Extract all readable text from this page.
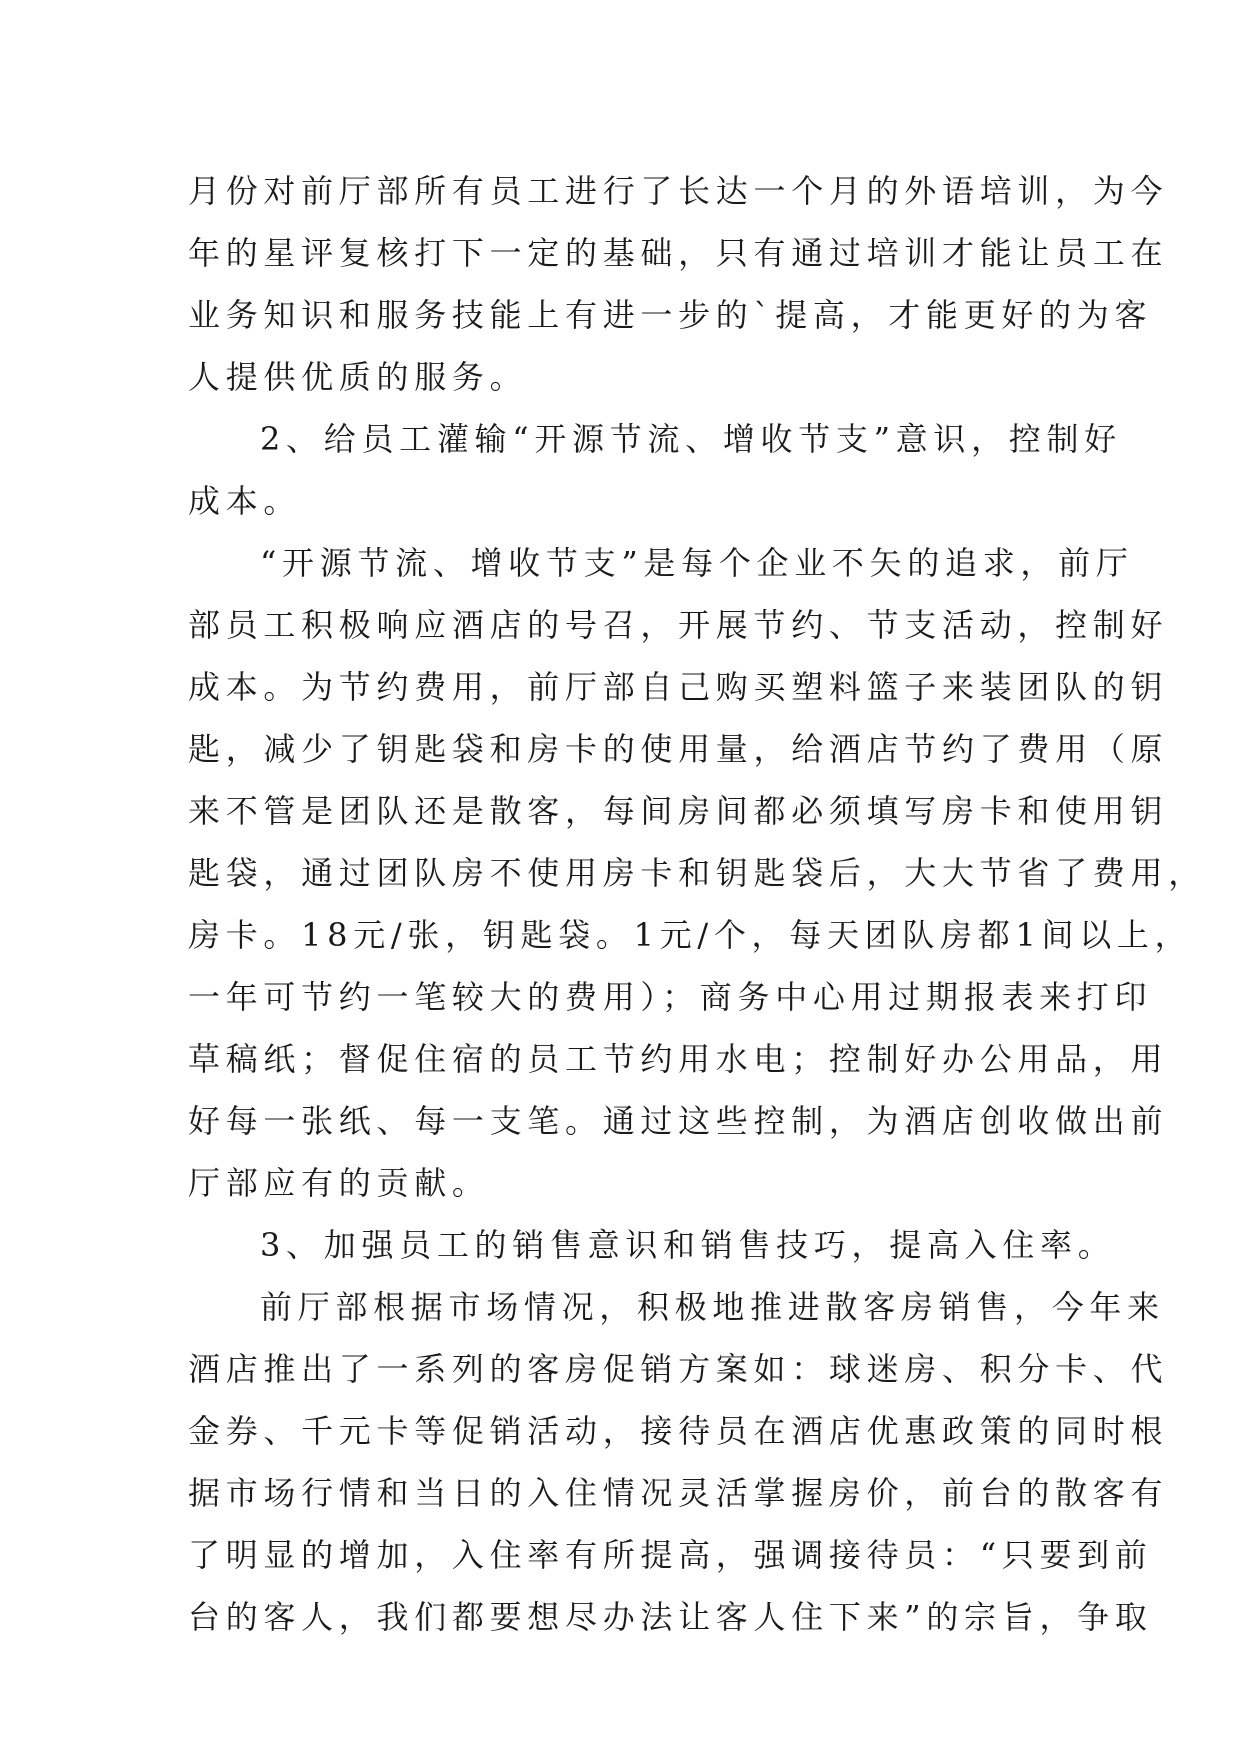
月份对前厅部所有员工进行了长达一个月的外语培训，为今
年的星评复核打下一定的基础，只有通过培训才能让员工在
业务知识和服务技能上有进一步的`提高，才能更好的为客
人提供优质的服务。
2、给员工灌输“开源节流、增收节支”意识，控制好
成本。
“开源节流、增收节支”是每个企业不矢的追求，前厅
部员工积极响应酒店的号召，开展节约、节支活动，控制好
成本。为节约费用，前厅部自己购买塑料篮子来装团队的钥
匙，减少了钥匙袋和房卡的使用量，给酒店节约了费用（原
来不管是团队还是散客，每间房间都必须填写房卡和使用钥
匙袋，通过团队房不使用房卡和钥匙袋后，大大节省了费用，
房卡。18元/张，钥匙袋。1元/个，每天团队房都1间以上，
一年可节约一笔较大的费用）；商务中心用过期报表来打印
草稿纸；督促住宿的员工节约用水电；控制好办公用品，用
好每一张纸、每一支笔。通过这些控制，为酒店创收做出前
厅部应有的贡献。
3、加强员工的销售意识和销售技巧，提高入住率。
前厅部根据市场情况，积极地推进散客房销售，今年来
酒店推出了一系列的客房促销方案如：球迷房、积分卡、代
金券、千元卡等促销活动，接待员在酒店优惠政策的同时根
据市场行情和当日的入住情况灵活掌握房价，前台的散客有
了明显的增加，入住率有所提高，强调接待员：“只要到前
台的客人，我们都要想尽办法让客人住下来”的宗旨，争取
